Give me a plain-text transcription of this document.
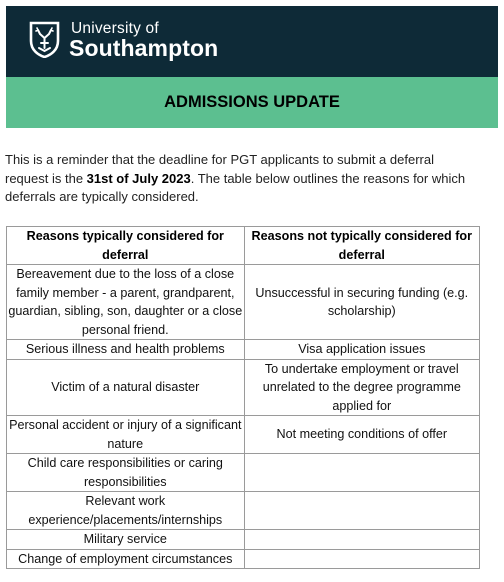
University of
Southampton
ADMISSIONS UPDATE
This is a reminder that the deadline for PGT applicants to submit a deferral request is the 31st of July 2023. The table below outlines the reasons for which deferrals are typically considered.
Reasons typically considered for deferral	Reasons not typically considered for deferral
Bereavement due to the loss of a close family member - a parent, grandparent, guardian, sibling, son, daughter or a close personal friend.	Unsuccessful in securing funding (e.g. scholarship)
Serious illness and health problems	Visa application issues
Victim of a natural disaster	To undertake employment or travel unrelated to the degree programme applied for
Personal accident or injury of a significant nature	Not meeting conditions of offer
Child care responsibilities or caring responsibilities	
Relevant work experience/placements/internships	
Military service	
Change of employment circumstances	
